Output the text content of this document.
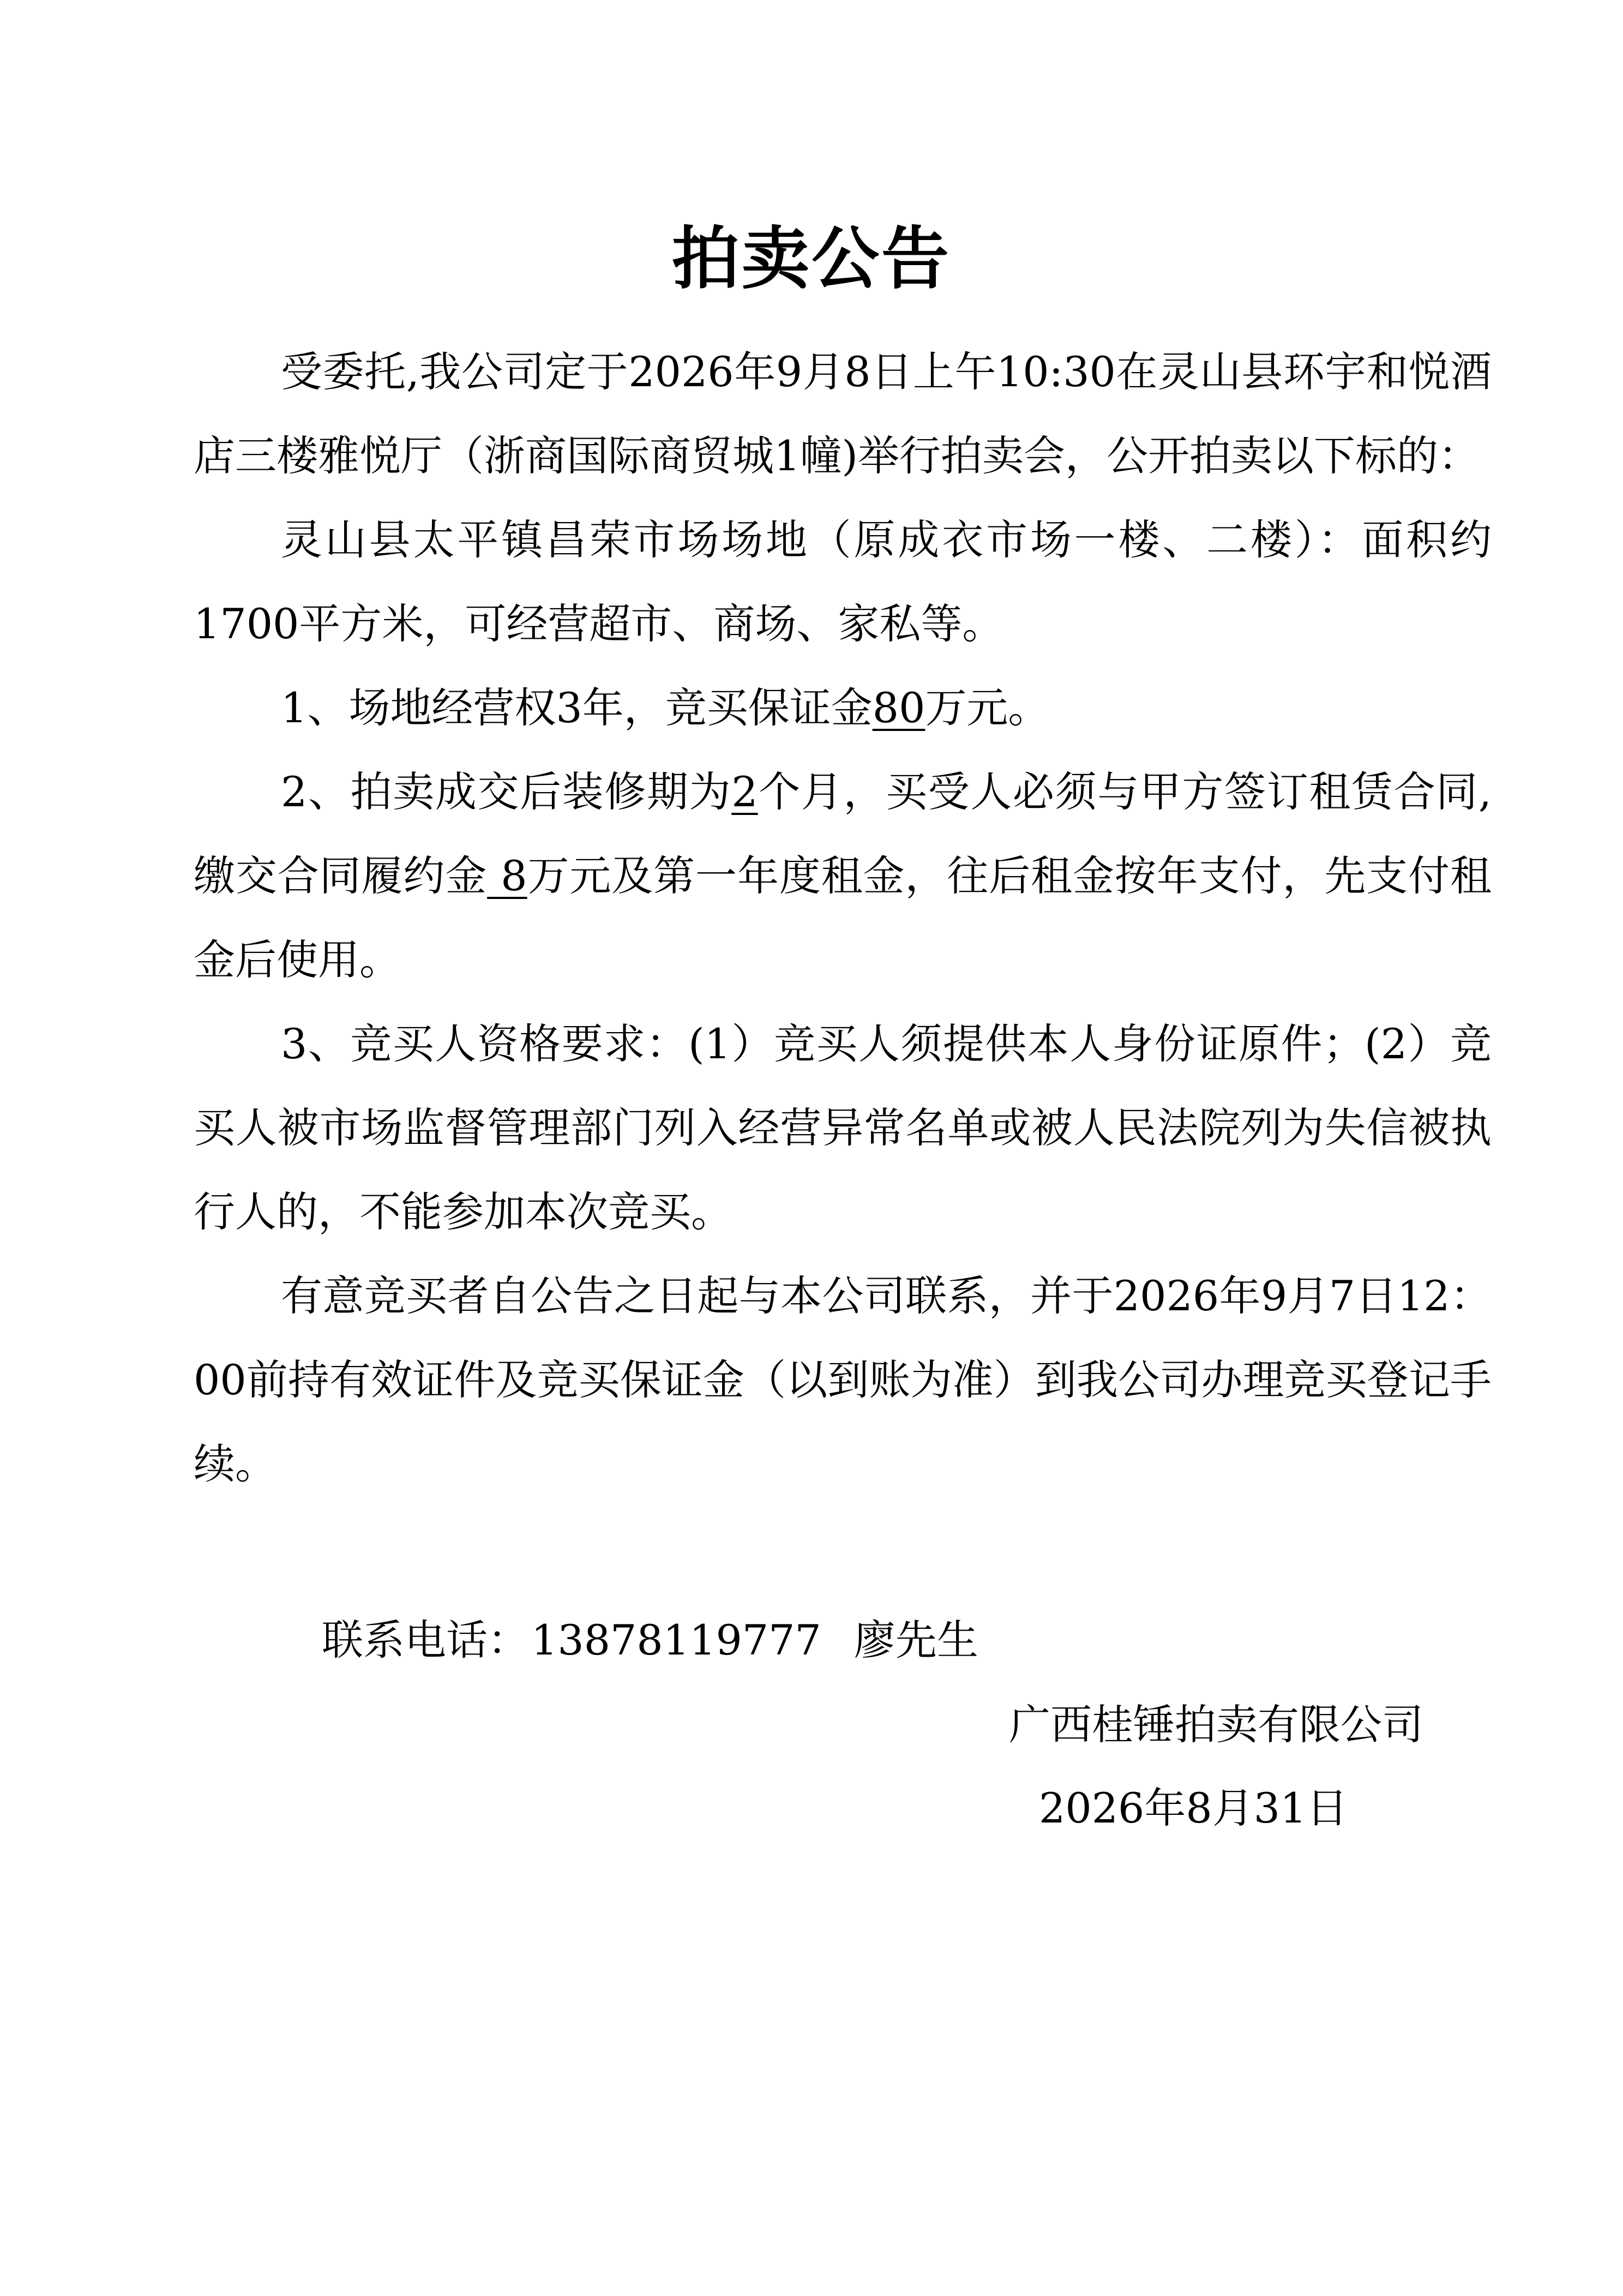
拍卖公告

受委托,我公司定于2026年9月8日上午10:30在灵山县环宇和悦酒店三楼雅悦厅（浙商国际商贸城1幢)举行拍卖会，公开拍卖以下标的：

灵山县太平镇昌荣市场场地（原成衣市场一楼、二楼）：面积约1700平方米，可经营超市、商场、家私等。

1、场地经营权3年，竞买保证金80万元。

2、拍卖成交后装修期为2个月，买受人必须与甲方签订租赁合同,缴交合同履约金 8万元及第一年度租金，往后租金按年支付，先支付租金后使用。

3、竞买人资格要求：(1）竞买人须提供本人身份证原件；(2）竞买人被市场监督管理部门列入经营异常名单或被人民法院列为失信被执行人的，不能参加本次竞买。

有意竞买者自公告之日起与本公司联系，并于2026年9月7日12：00前持有效证件及竞买保证金（以到账为准）到我公司办理竞买登记手续。

联系电话：13878119777 廖先生
广西桂锤拍卖有限公司
2026年8月31日
